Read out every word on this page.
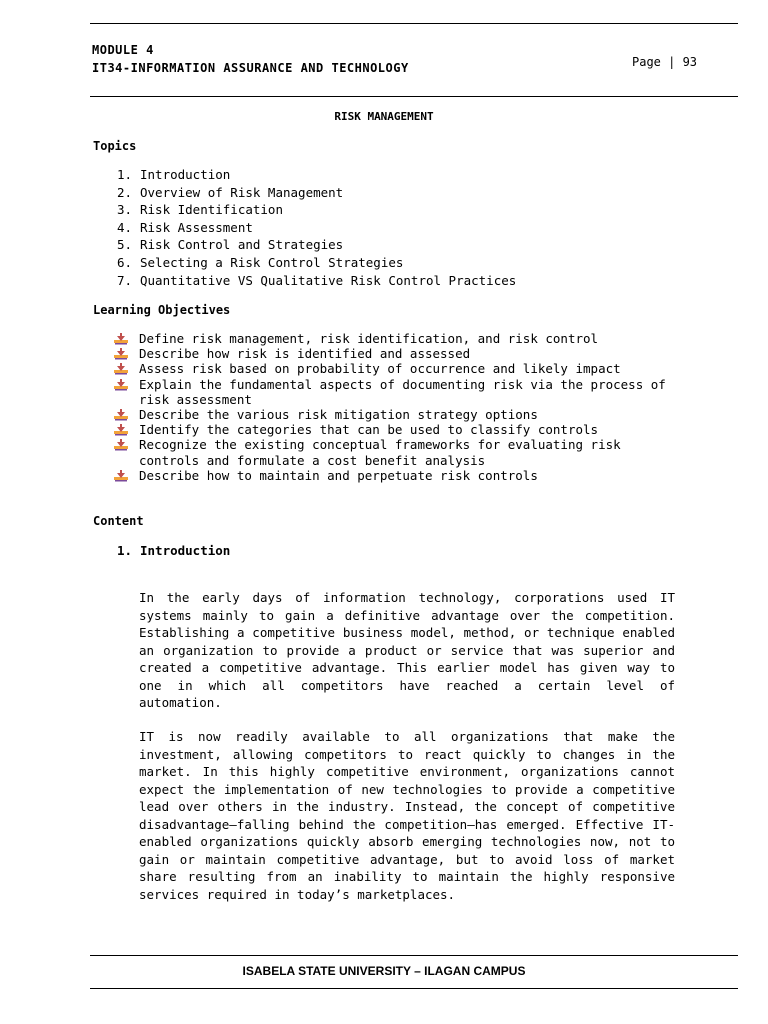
MODULE 4
IT34-INFORMATION ASSURANCE AND TECHNOLOGY	Page | 93
RISK MANAGEMENT
Topics
1. Introduction
2. Overview of Risk Management
3. Risk Identification
4. Risk Assessment
5. Risk Control and Strategies
6. Selecting a Risk Control Strategies
7. Quantitative VS Qualitative Risk Control Practices
Learning Objectives
Define risk management, risk identification, and risk control
Describe how risk is identified and assessed
Assess risk based on probability of occurrence and likely impact
Explain the fundamental aspects of documenting risk via the process of risk assessment
Describe the various risk mitigation strategy options
Identify the categories that can be used to classify controls
Recognize the existing conceptual frameworks for evaluating risk controls and formulate a cost benefit analysis
Describe how to maintain and perpetuate risk controls
Content
1. Introduction

In the early days of information technology, corporations used IT systems mainly to gain a definitive advantage over the competition. Establishing a competitive business model, method, or technique enabled an organization to provide a product or service that was superior and created a competitive advantage. This earlier model has given way to one in which all competitors have reached a certain level of automation.

IT is now readily available to all organizations that make the investment, allowing competitors to react quickly to changes in the market. In this highly competitive environment, organizations cannot expect the implementation of new technologies to provide a competitive lead over others in the industry. Instead, the concept of competitive disadvantage—falling behind the competition—has emerged. Effective IT-enabled organizations quickly absorb emerging technologies now, not to gain or maintain competitive advantage, but to avoid loss of market share resulting from an inability to maintain the highly responsive services required in today’s marketplaces.

ISABELA STATE UNIVERSITY – ILAGAN CAMPUS
